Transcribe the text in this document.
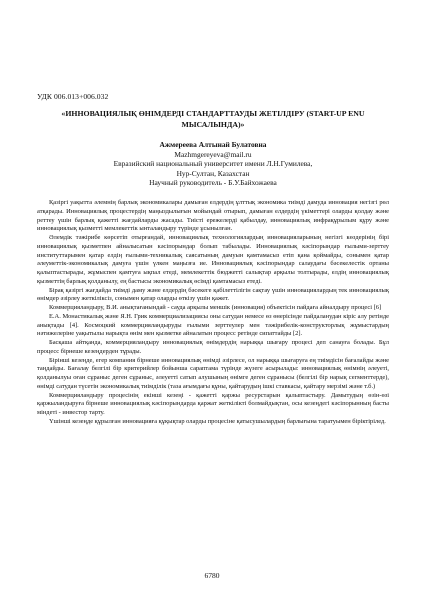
УДК 006.013+006.032
«ИННОВАЦИЯЛЫҚ ӨНІМДЕРДІ СТАНДАРТТАУДЫ ЖЕТІЛДІРУ (START-UP ENU МЫСАЛЫНДА)»
Ажмереева Алтынай Булатовна
Mazhmgereyeva@mail.ru
Евразийский национальный университет имени Л.Н.Гумилева,
Нур-Султан, Казахстан
Научный руководитель - Б.У.Байхожаева

Қазіргі уақытта әлемнің барлық экономикалары дамыған елдердің ұлттық экономика тиімді дамуда инновация негізгі рөл атқарады. Инновациялық процестердің маңыздылығын мойындай отырып, дамыған елдердің үкіметтері оларды қолдау және реттеу үшін барлық қажетті жағдайларды жасады. Тиісті ережелерді қабылдау, инновациялық инфрақұрылым құру және инновациялық қызметті мемлекеттік ынталандыру түрінде ұсынылған.

Әлемдік тәжірибе көрсетіп отырғандай, инновациялық технологиялардың инновацияларының негізгі көздерінің бірі инновациялық қызметпен айналысатын кәсіпорындар болып табылады. Инновациялық кәсіпорындар ғылыми-зерттеу институттарымен қатар елдің ғылыми-техникалық саясатының дамуын қамтамасыз етіп қана қоймайды, сонымен қатар әлеуметтік-экономикалық дамуға үшін үлкен маңызға ие. Инновациялық кәсіпорындар салаудағы бәсекелестік ортаны қалыптастырады, жұмыспен қамтуға ықпал етеді, мемлекеттік бюджетті салықтар арқылы толтырады, елдің инновациялық қызметтің барлық қолданылу, ең бастысы экономикалық өсімді қамтамасыз етеді.

Бірақ қазіргі жағдайда тиімді даму және елдердің бәсекеге қабілеттілігін сақтау үшін инновациялардың тек инновациялық өнімдер әзірлеу жеткіліксіз, сонымен қатар оларды өткізу үшін қажет.

Коммерцияландыру, В.И. анықтағанындай - сауда арқылы меншік (инновация) объектісін пайдаға айналдыру процесі [6]

Е.А. Монастикалық және Я.Н. Грик коммерциализациясы оны сатудан немесе өз өнерісінде пайдаланудан кіріс алу ретінде анықтады [4]. Космоцкий коммерцияландыруды ғылыми зерттеулер мен тәжірибелік-конструкторлық жұмыстардың нәтижелеріне уақытылы нарықта өнім мен қызметке айналатын процесс ретінде сипаттайды [2].

Басқаша айтқанда, коммерцияландыру инновациялық өнімдердің нарыққа шығару процесі деп санауға болады. Бұл процесс бірнеше кезеңдерден тұрады.

Бірінші кезеңде, егер компания бірнеше инновациялық өнімді әзірлесе, ол нарыққа шығаруға ең тиімдісін бағалайды және таңдайды. Бағалау белгілі бір критерийлер бойынша сараптама түрінде жүзеге асырылады: инновациялық өнімнің әлеуеті, қолданылуы оған сұраныс деген сұраныс, әлеуетті сатып алушының өнімге деген сұранысы (белгілі бір нарық сегменттерде), өнімді сатудан түсетін экономикалық тиімділік (таза ағымдағы құны, қайтарудың ішкі ставкасы, қайтару мерзімі және т.б.)

Коммерцияландыру процесінің екінші кезеңі - қажетті қаржы ресурстарын қалыптастыру. Дамытудың өзін-өзі қаржыландыруға бірнеше инновациялық кәсіпорындарда қаржат жеткілікті болмайдықтан, осы кезеңдегі кәсіпорынның басты міндеті - инвестор тарту.

Үшінші кезеңде құрылған инновацияға құқықтар оларды процесіне қатысушылардың барлығына таратуымен біріктірілед.

6780
